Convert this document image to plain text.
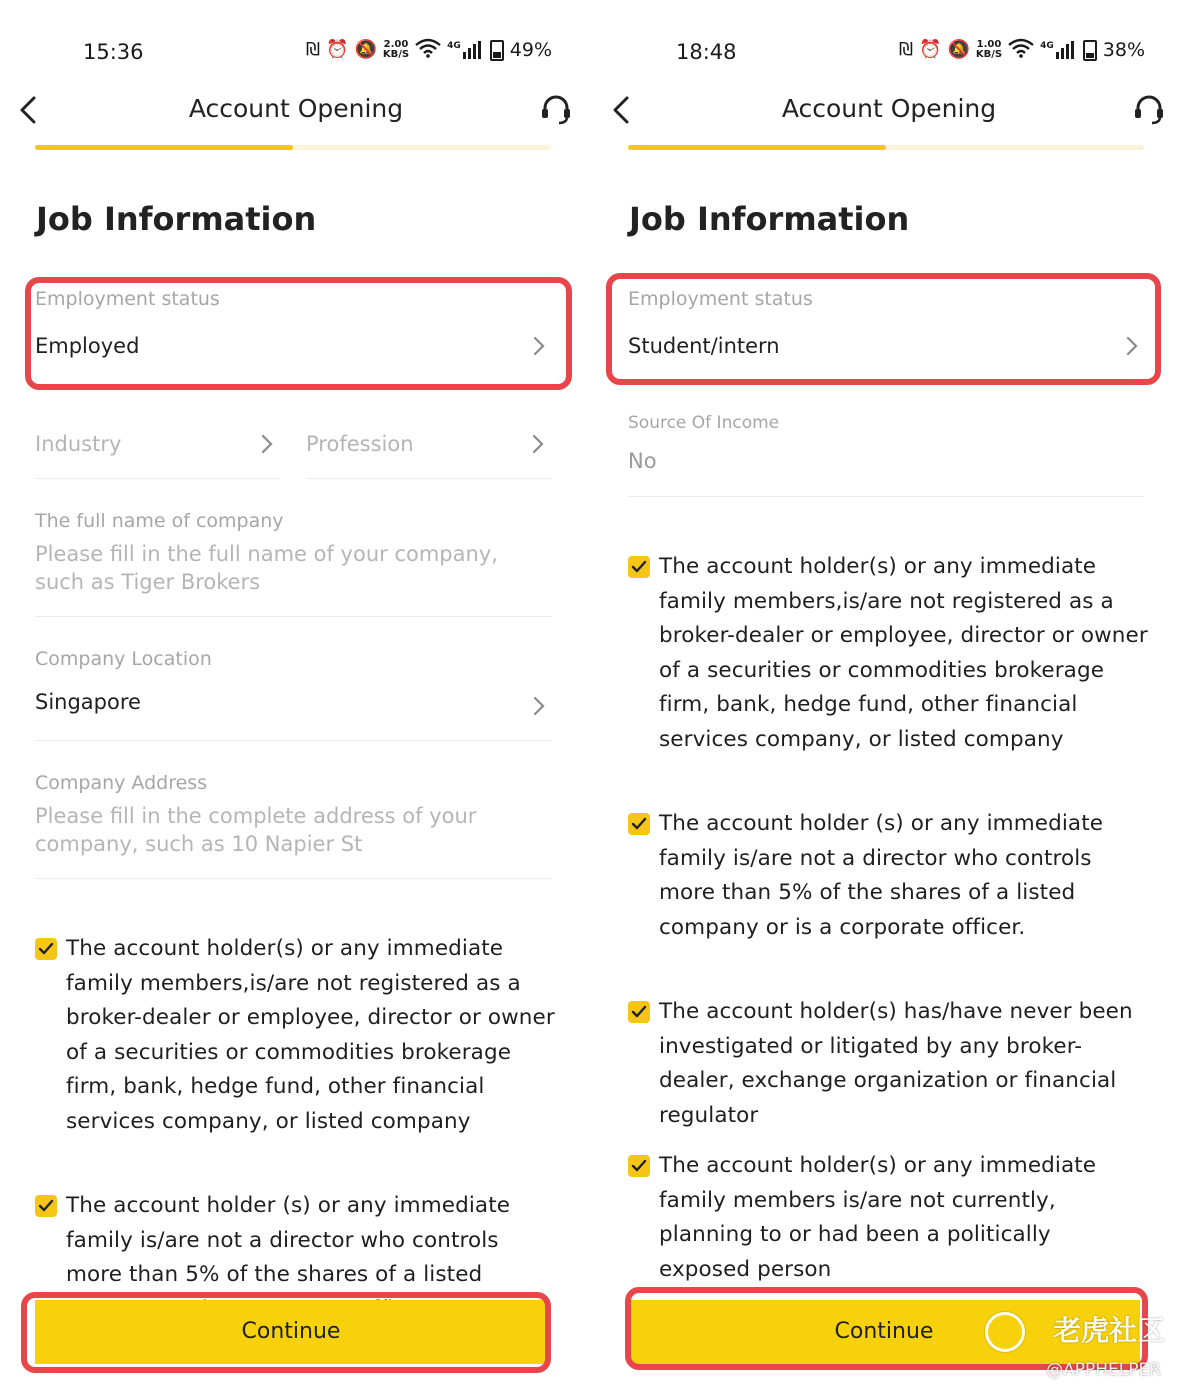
15:36	₪ ⏰ 🔕 2.00
KB/S
4G	49%
Account Opening
Job Information
Employment status
Employed
Industry	Profession
The full name of company
Please fill in the full name of your company, such as Tiger Brokers
Company Location
Singapore
Company Address
Please fill in the complete address of your company, such as 10 Napier St
The account holder(s) or any immediate family members,is/are not registered as a broker-dealer or employee, director or owner of a securities or commodities brokerage firm, bank, hedge fund, other financial services company, or listed company
The account holder (s) or any immediate family is/are not a director who controls more than 5% of the shares of a listed
Continue
18:48	₪ ⏰ 🔕 1.00
KB/S
4G	38%
Account Opening
Job Information
Employment status
Student/intern
Source Of Income
No
The account holder(s) or any immediate family members,is/are not registered as a broker-dealer or employee, director or owner of a securities or commodities brokerage firm, bank, hedge fund, other financial services company, or listed company
The account holder (s) or any immediate family is/are not a director who controls more than 5% of the shares of a listed company or is a corporate officer.
The account holder(s) has/have never been investigated or litigated by any broker-dealer, exchange organization or financial regulator
The account holder(s) or any immediate family members is/are not currently, planning to or had been a politically exposed person
Continue	老虎社区
@APPHELPER
